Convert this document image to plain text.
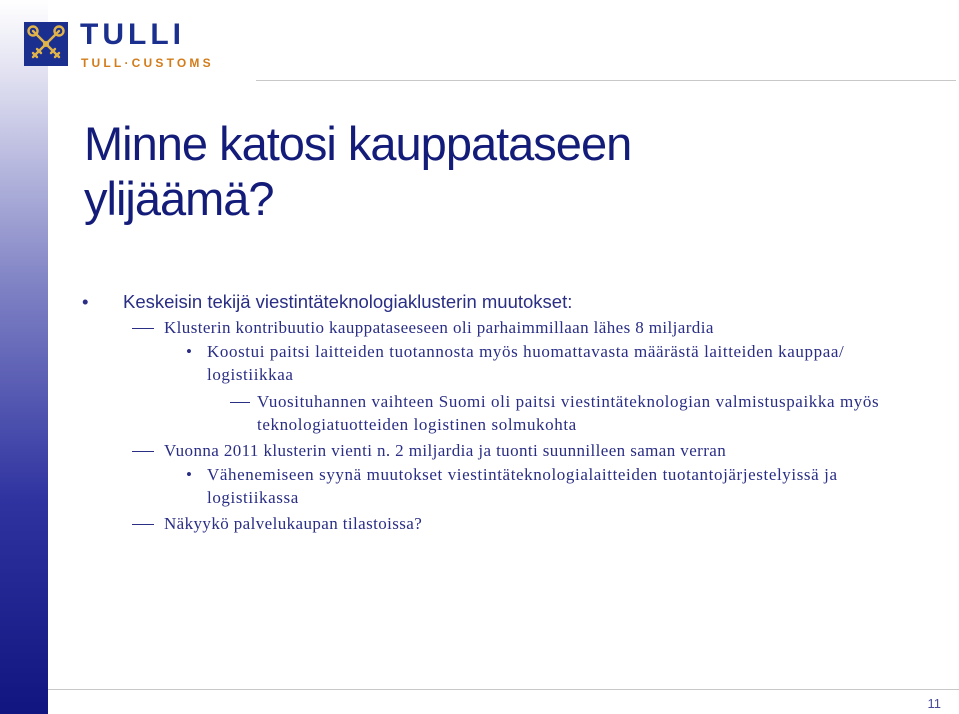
TULLI
TULL·CUSTOMS
Minne katosi kauppataseen
ylijäämä?
• Keskeisin tekijä viestintäteknologiaklusterin muutokset:
Klusterin kontribuutio kauppataseeseen oli parhaimmillaan lähes 8 miljardia
• Koostui paitsi laitteiden tuotannosta myös huomattavasta määrästä laitteiden kauppaa/ logistiikkaa
Vuosituhannen vaihteen Suomi oli paitsi viestintäteknologian valmistuspaikka myös teknologiatuotteiden logistinen solmukohta
Vuonna 2011 klusterin vienti n. 2 miljardia ja tuonti suunnilleen saman verran
• Vähenemiseen syynä muutokset viestintäteknologialaitteiden tuotantojärjestelyissä ja logistiikassa
Näkyykö palvelukaupan tilastoissa?
11
